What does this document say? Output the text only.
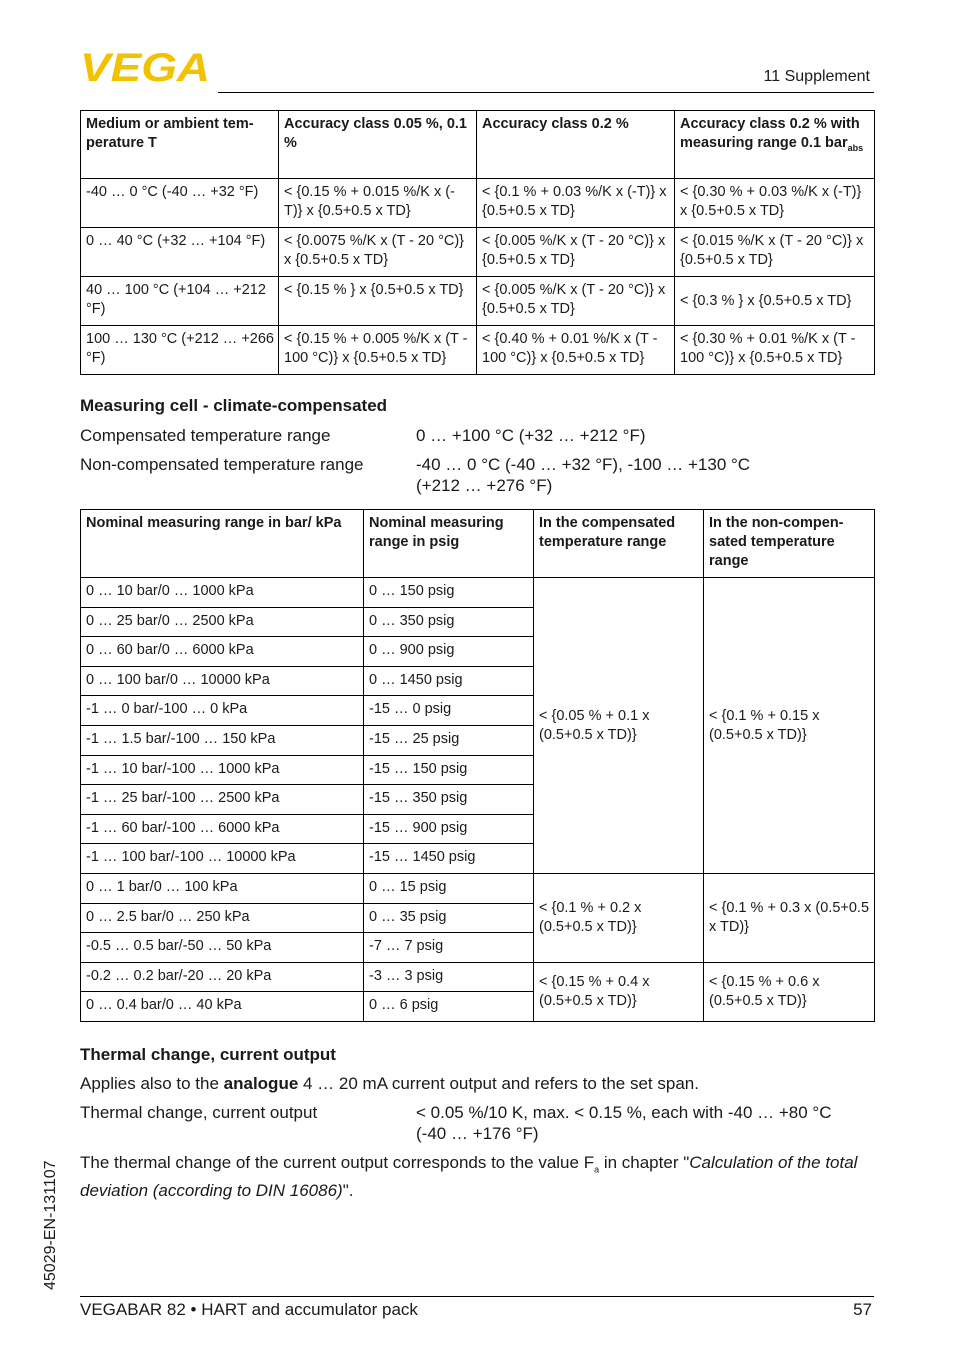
VEGA	11 Supplement
Medium or ambient tem-perature T	Accuracy class 0.05 %, 0.1 %	Accuracy class 0.2 %	Accuracy class 0.2 % with measuring range 0.1 bar$_{abs}$
-40 … 0 °C (-40 … +32 °F)	< {0.15 % + 0.015 %/K x (-T)} x {0.5+0.5 x TD}	< {0.1 % + 0.03 %/K x (-T)} x {0.5+0.5 x TD}	< {0.30 % + 0.03 %/K x (-T)} x {0.5+0.5 x TD}
0 … 40 °C (+32 … +104 °F)	< {0.0075 %/K x (T - 20 °C)} x {0.5+0.5 x TD}	< {0.005 %/K x (T - 20 °C)} x {0.5+0.5 x TD}	< {0.015 %/K x (T - 20 °C)} x {0.5+0.5 x TD}
40 … 100 °C (+104 … +212 °F)	< {0.15 % } x {0.5+0.5 x TD}	< {0.005 %/K x (T - 20 °C)} x {0.5+0.5 x TD}	< {0.3 % } x {0.5+0.5 x TD}
100 … 130 °C (+212 … +266 °F)	< {0.15 % + 0.005 %/K x (T - 100 °C)} x {0.5+0.5 x TD}	< {0.40 % + 0.01 %/K x (T - 100 °C)} x {0.5+0.5 x TD}	< {0.30 % + 0.01 %/K x (T - 100 °C)} x {0.5+0.5 x TD}
Measuring cell - climate-compensated
Compensated temperature range	0 … +100 °C (+32 … +212 °F)
Non-compensated temperature range	-40 … 0 °C (-40 … +32 °F), -100 … +130 °C (+212 … +276 °F)
Nominal measuring range in bar/ kPa	Nominal measuring range in psig	In the compensated temperature range	In the non-compen-sated temperature range
0 … 10 bar/0 … 1000 kPa	0 … 150 psig	< {0.05 % + 0.1 x (0.5+0.5 x TD)}	< {0.1 % + 0.15 x (0.5+0.5 x TD)}
0 … 25 bar/0 … 2500 kPa	0 … 350 psig		
0 … 60 bar/0 … 6000 kPa	0 … 900 psig		
0 … 100 bar/0 … 10000 kPa	0 … 1450 psig		
-1 … 0 bar/-100 … 0 kPa	-15 … 0 psig		
-1 … 1.5 bar/-100 … 150 kPa	-15 … 25 psig		
-1 … 10 bar/-100 … 1000 kPa	-15 … 150 psig		
-1 … 25 bar/-100 … 2500 kPa	-15 … 350 psig		
-1 … 60 bar/-100 … 6000 kPa	-15 … 900 psig		
-1 … 100 bar/-100 … 10000 kPa	-15 … 1450 psig		
0 … 1 bar/0 … 100 kPa	0 … 15 psig	< {0.1 % + 0.2 x (0.5+0.5 x TD)}	< {0.1 % + 0.3 x (0.5+0.5 x TD)}
0 … 2.5 bar/0 … 250 kPa	0 … 35 psig		
-0.5 … 0.5 bar/-50 … 50 kPa	-7 … 7 psig		
-0.2 … 0.2 bar/-20 … 20 kPa	-3 … 3 psig	< {0.15 % + 0.4 x (0.5+0.5 x TD)}	< {0.15 % + 0.6 x (0.5+0.5 x TD)}
0 … 0.4 bar/0 … 40 kPa	0 … 6 psig		
Thermal change, current output
Applies also to the analogue 4 … 20 mA current output and refers to the set span.
Thermal change, current output	< 0.05 %/10 K, max. < 0.15 %, each with -40 … +80 °C (-40 … +176 °F)
The thermal change of the current output corresponds to the value $F_a$ in chapter "Calculation of the total deviation (according to DIN 16086)".
45029-EN-131107
VEGABAR 82 • HART and accumulator pack	57
